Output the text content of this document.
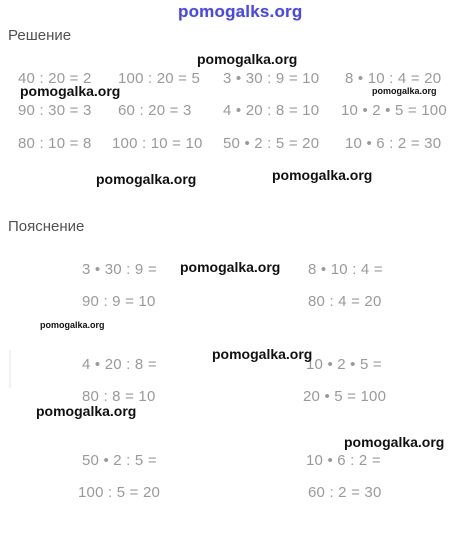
pomogalks.org
Решение
40 : 20 = 2 100 : 20 = 5 3 • 30 : 9 = 10 8 • 10 : 4 = 20
90 : 30 = 3 60 : 20 = 3 4 • 20 : 8 = 10 10 • 2 • 5 = 100
80 : 10 = 8 100 : 10 = 10 50 • 2 : 5 = 20 10 • 6 : 2 = 30
Пояснение
3 • 30 : 9 =
90 : 9 = 10
8 • 10 : 4 =
80 : 4 = 20
4 • 20 : 8 =
80 : 8 = 10
10 • 2 • 5 =
20 • 5 = 100
50 • 2 : 5 =
100 : 5 = 20
10 • 6 : 2 =
60 : 2 = 30
pomogalka.org
pomogalka.org	pomogalka.org
pomogalka.org	pomogalka.org
pomogalka.org
pomogalka.org
pomogalka.org
pomogalka.org
pomogalka.org
